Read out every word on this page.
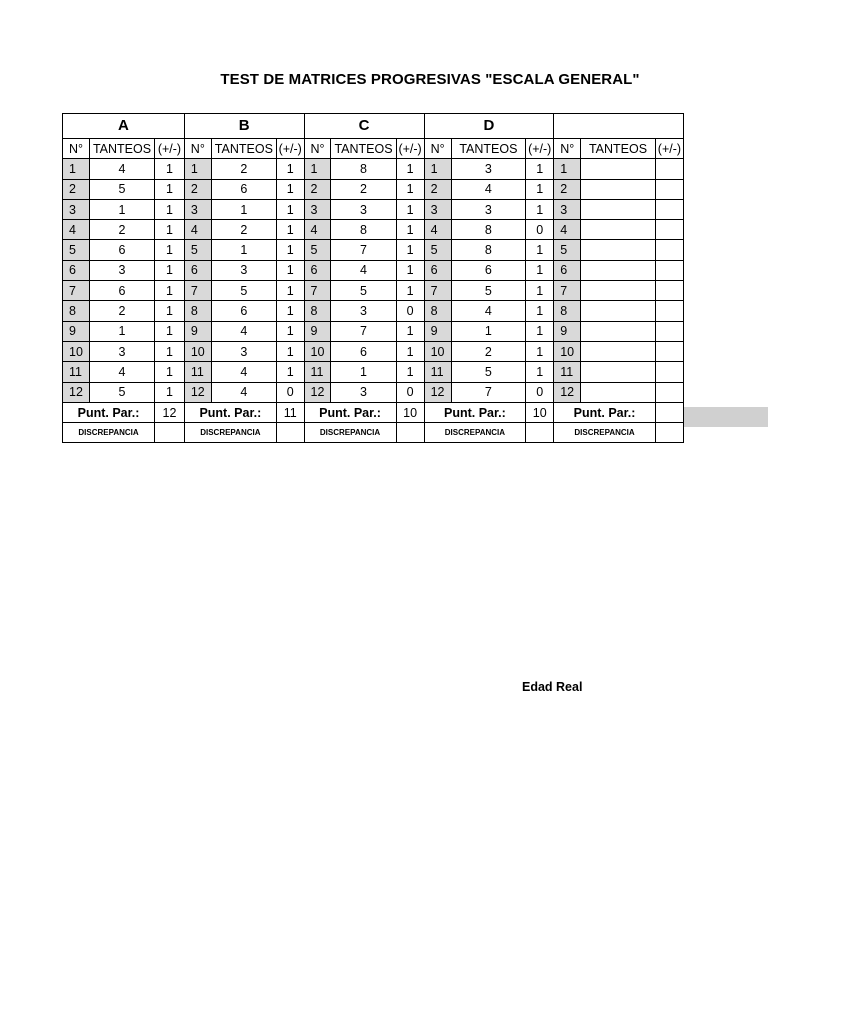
TEST DE MATRICES PROGRESIVAS "ESCALA GENERAL"
A			B			C			D					
N°	TANTEOS	(+/-)	N°	TANTEOS	(+/-)	N°	TANTEOS	(+/-)	N°	TANTEOS	(+/-)	N°	TANTEOS	(+/-)
1	4	1	1	2	1	1	8	1	1	3	1	1		
2	5	1	2	6	1	2	2	1	2	4	1	2		
3	1	1	3	1	1	3	3	1	3	3	1	3		
4	2	1	4	2	1	4	8	1	4	8	0	4		
5	6	1	5	1	1	5	7	1	5	8	1	5		
6	3	1	6	3	1	6	4	1	6	6	1	6		
7	6	1	7	5	1	7	5	1	7	5	1	7		
8	2	1	8	6	1	8	3	0	8	4	1	8		
9	1	1	9	4	1	9	7	1	9	1	1	9		
10	3	1	10	3	1	10	6	1	10	2	1	10		
11	4	1	11	4	1	11	1	1	11	5	1	11		
12	5	1	12	4	0	12	3	0	12	7	0	12		
Punt. Par.:		12	Punt. Par.:		11	Punt. Par.:		10	Punt. Par.:		10	Punt. Par.:		
DISCREPANCIA			DISCREPANCIA			DISCREPANCIA			DISCREPANCIA			DISCREPANCIA		
Edad Real
